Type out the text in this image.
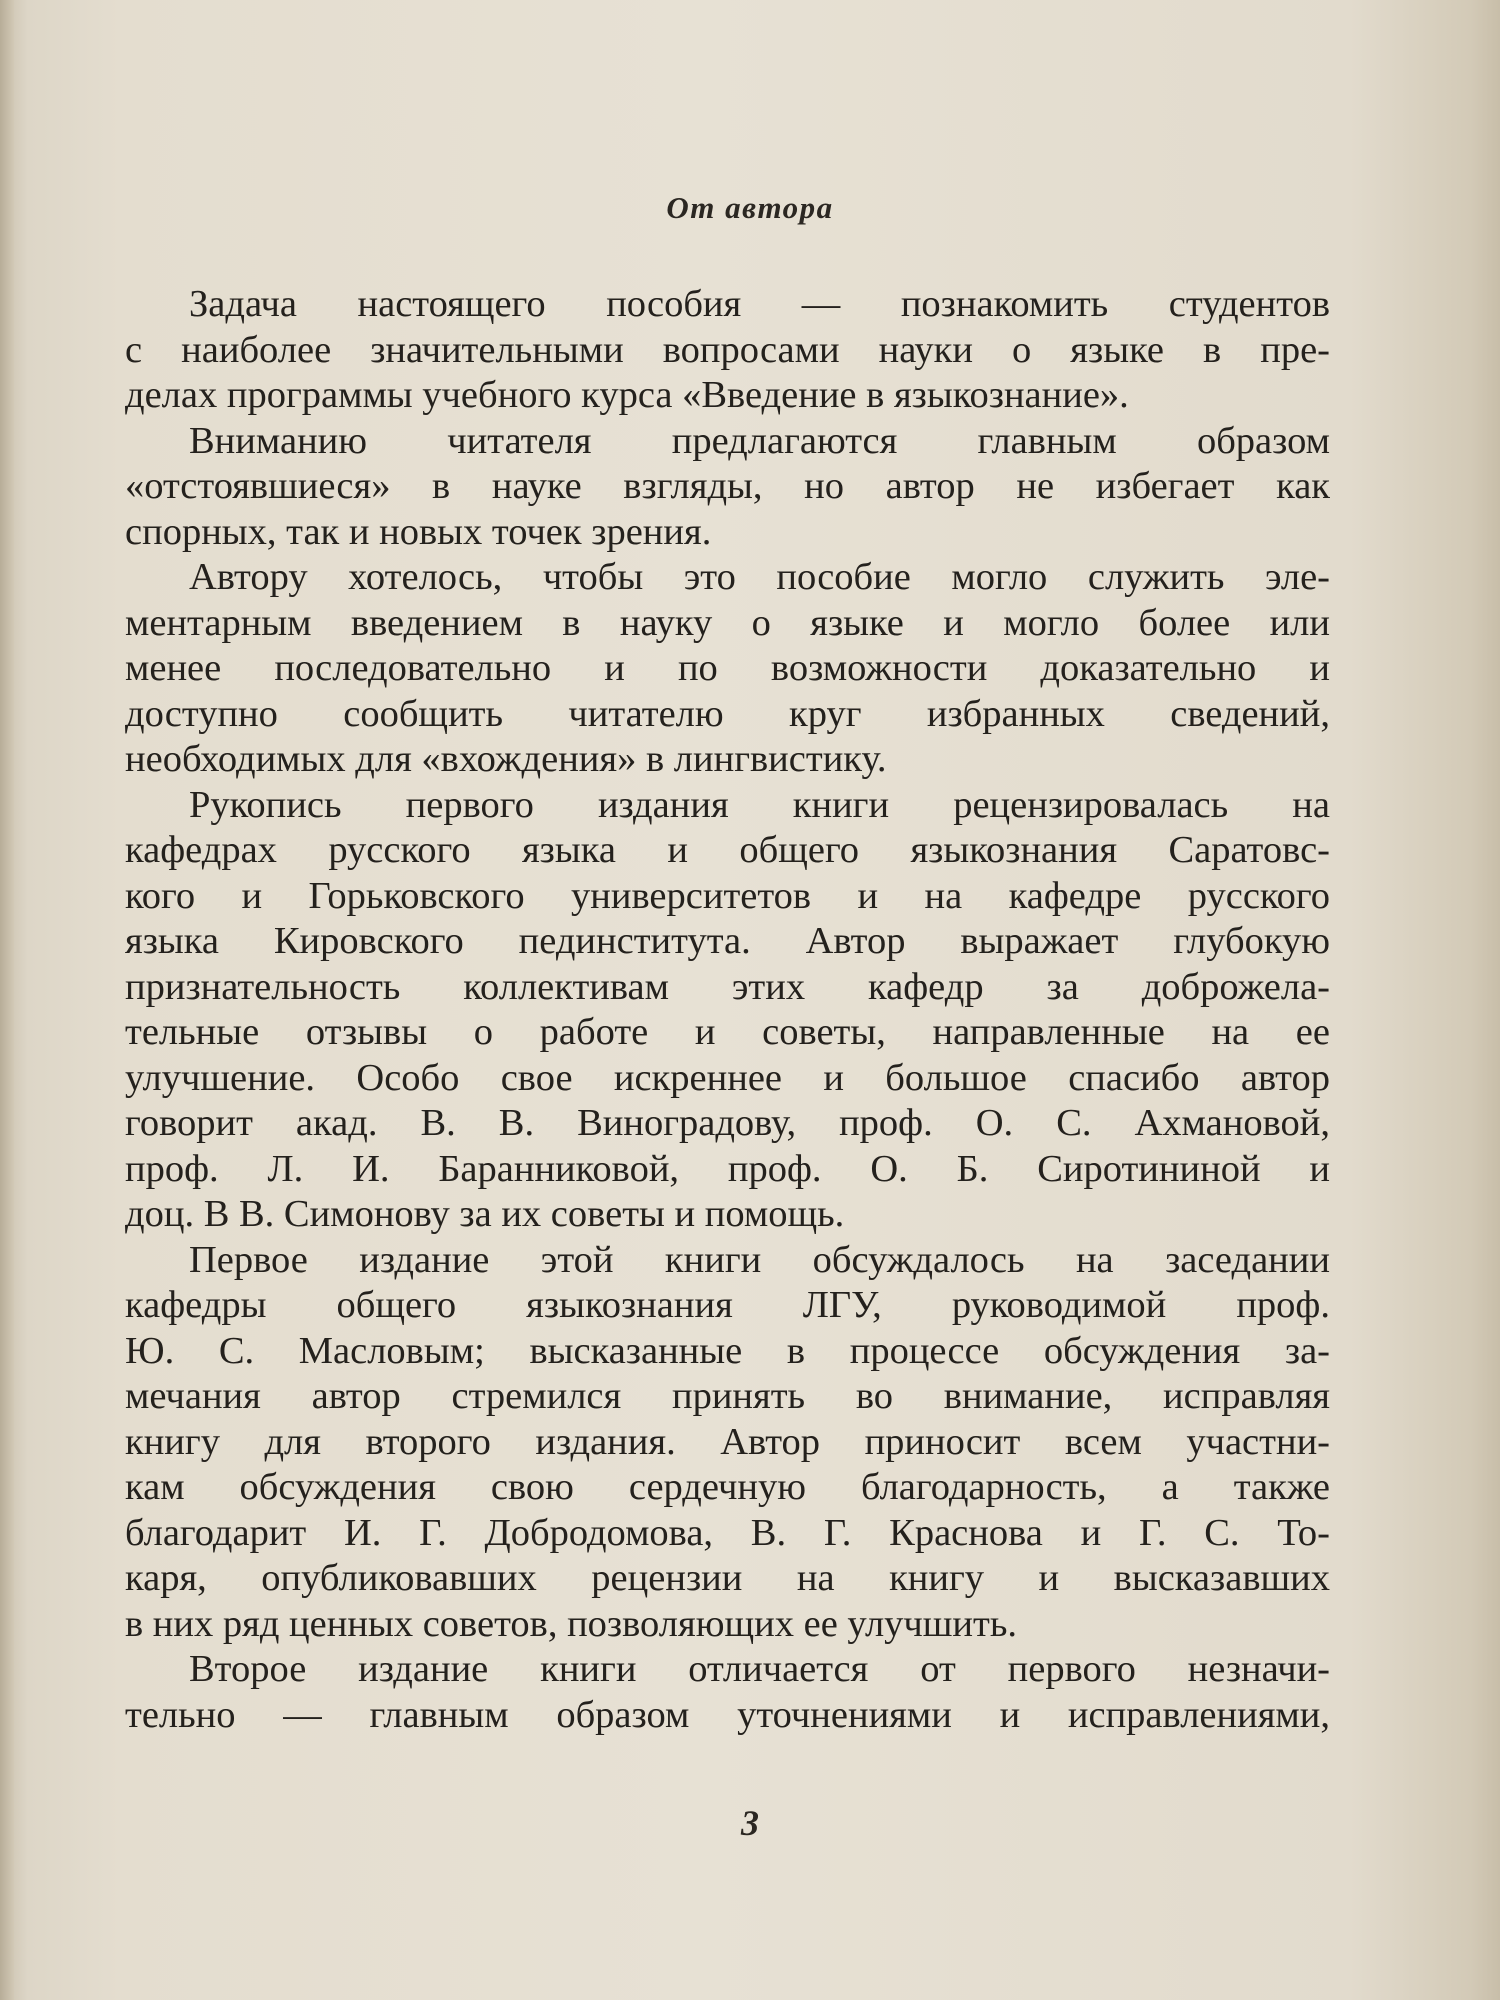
От автора
Задача настоящего пособия — познакомить студентов
с наиболее значительными вопросами науки о языке в пре-
делах программы учебного курса «Введение в языкознание».
Вниманию читателя предлагаются главным образом
«отстоявшиеся» в науке взгляды, но автор не избегает как
спорных, так и новых точек зрения.
Автору хотелось, чтобы это пособие могло служить эле-
ментарным введением в науку о языке и могло более или
менее последовательно и по возможности доказательно и
доступно сообщить читателю круг избранных сведений,
необходимых для «вхождения» в лингвистику.
Рукопись первого издания книги рецензировалась на
кафедрах русского языка и общего языкознания Саратовс-
кого и Горьковского университетов и на кафедре русского
языка Кировского пединститута. Автор выражает глубокую
признательность коллективам этих кафедр за доброжела-
тельные отзывы о работе и советы, направленные на ее
улучшение. Особо свое искреннее и большое спасибо автор
говорит акад. В. В. Виноградову, проф. О. С. Ахмановой,
проф. Л. И. Баранниковой, проф. О. Б. Сиротининой и
доц. В В. Симонову за их советы и помощь.
Первое издание этой книги обсуждалось на заседании
кафедры общего языкознания ЛГУ, руководимой проф.
Ю. С. Масловым; высказанные в процессе обсуждения за-
мечания автор стремился принять во внимание, исправляя
книгу для второго издания. Автор приносит всем участни-
кам обсуждения свою сердечную благодарность, а также
благодарит И. Г. Добродомова, В. Г. Краснова и Г. С. То-
каря, опубликовавших рецензии на книгу и высказавших
в них ряд ценных советов, позволяющих ее улучшить.
Второе издание книги отличается от первого незначи-
тельно — главным образом уточнениями и исправлениями,
3
